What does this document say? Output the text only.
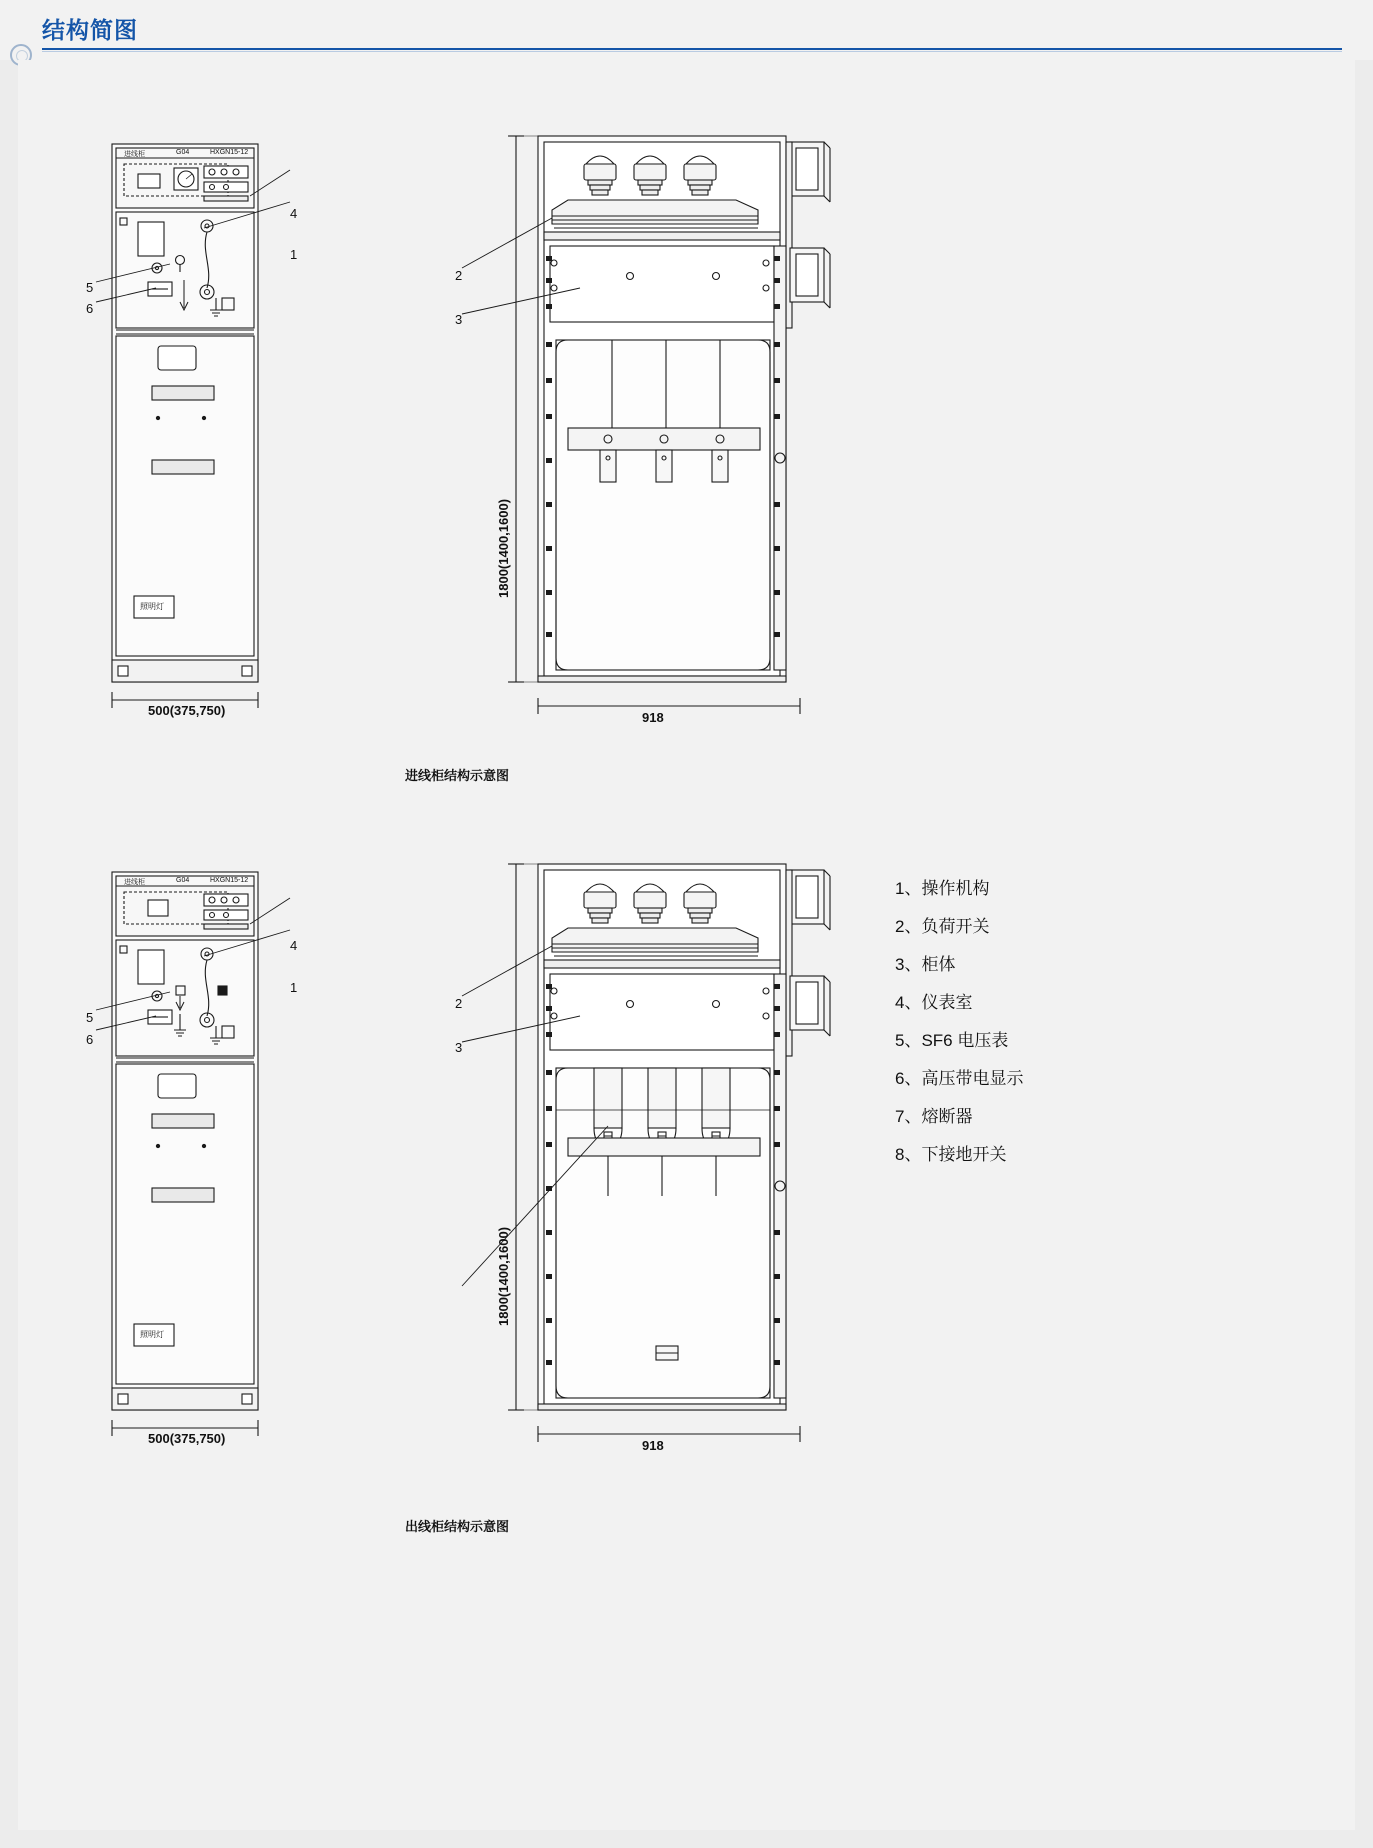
结构简图
进线柜	G04	HXGN15-12
照明灯
500(375,750)
4
1
5
6
1800(1400,1600)
918
2
3
进线柜结构示意图
进线柜	G04	HXGN15-12
照明灯
500(375,750)
4
1
5
6
1800(1400,1600)
918
2
3
出线柜结构示意图
1、操作机构
2、负荷开关
3、柜体
4、仪表室
5、SF6 电压表
6、高压带电显示
7、熔断器
8、下接地开关
